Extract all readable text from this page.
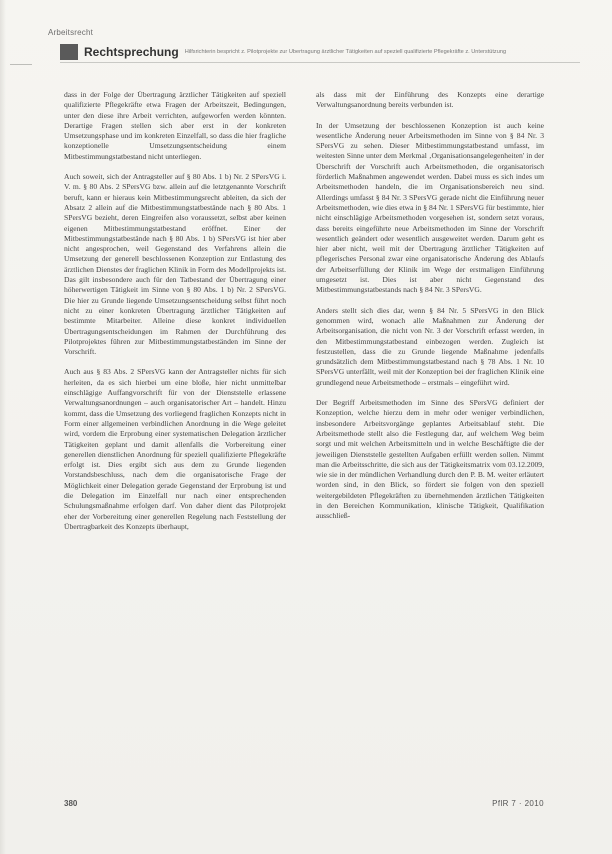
Arbeitsrecht
Rechtsprechung Hilfsrichterin bespricht z. Pilotprojekte zur Übertragung ärztlicher Tätigkeiten auf speziell qualifizierte Pflegekräfte z. Unterstützung

dass in der Folge der Übertragung ärztlicher Tätigkeiten auf speziell qualifizierte Pflegekräfte etwa Fragen der Arbeitszeit, Bedingungen, unter den diese ihre Arbeit verrichten, aufgeworfen werden könnten. Derartige Fragen stellen sich aber erst in der konkreten Umsetzungsphase und im konkreten Einzelfall, so dass die hier fragliche konzeptionelle Umsetzungsentscheidung einem Mitbestimmungstatbestand nicht unterliegen.

Auch soweit, sich der Antragsteller auf § 80 Abs. 1 b) Nr. 2 SPersVG i. V. m. § 80 Abs. 2 SPersVG bzw. allein auf die letztgenannte Vorschrift beruft, kann er hieraus kein Mitbestimmungsrecht ableiten, da sich der Absatz 2 allein auf die Mitbestimmungstatbestände nach § 80 Abs. 1 SPersVG bezieht, deren Eingreifen also voraussetzt, selbst aber keinen eigenen Mitbestimmungstatbestand eröffnet. Einer der Mitbestimmungstatbestände nach § 80 Abs. 1 b) SPersVG ist hier aber nicht angesprochen, weil Gegenstand des Verfahrens allein die Umsetzung der generell beschlossenen Konzeption zur Entlastung des ärztlichen Dienstes der fraglichen Klinik in Form des Modellprojekts ist. Das gilt insbesondere auch für den Tatbestand der Übertragung einer höherwertigen Tätigkeit im Sinne von § 80 Abs. 1 b) Nr. 2 SPersVG. Die hier zu Grunde liegende Umsetzungsentscheidung selbst führt noch nicht zu einer konkreten Übertragung ärztlicher Tätigkeiten auf bestimmte Mitarbeiter. Alleine diese konkret individuellen Übertragungsentscheidungen im Rahmen der Durchführung des Pilotprojektes führen zur Mitbestimmungstatbeständen im Sinne der Vorschrift.

Auch aus § 83 Abs. 2 SPersVG kann der Antragsteller nichts für sich herleiten, da es sich hierbei um eine bloße, hier nicht unmittelbar einschlägige Auffangvorschrift für von der Dienststelle erlassene Verwaltungsanordnungen – auch organisatorischer Art – handelt. Hinzu kommt, dass die Umsetzung des vorliegend fraglichen Konzepts nicht in Form einer allgemeinen verbindlichen Anordnung in die Wege geleitet wird, vordem die Erprobung einer systematischen Delegation ärztlicher Tätigkeiten geplant und damit allenfalls die Vorbereitung einer generellen dienstlichen Anordnung für speziell qualifizierte Pflegekräfte erfolgt ist. Dies ergibt sich aus dem zu Grunde liegenden Vorstandsbeschluss, nach dem die organisatorische Frage der Möglichkeit einer Delegation gerade Gegenstand der Erprobung ist und die Delegation im Einzelfall nur nach einer entsprechenden Schulungsmaßnahme erfolgen darf. Von daher dient das Pilotprojekt eher der Vorbereitung einer generellen Regelung nach Feststellung der Übertragbarkeit des Konzepts überhaupt,

als dass mit der Einführung des Konzepts eine derartige Verwaltungsanordnung bereits verbunden ist.

In der Umsetzung der beschlossenen Konzeption ist auch keine wesentliche Änderung neuer Arbeitsmethoden im Sinne von § 84 Nr. 3 SPersVG zu sehen. Dieser Mitbestimmungstatbestand umfasst, im weitesten Sinne unter dem Merkmal ‚Organisationsangelegenheiten' in der Überschrift der Vorschrift auch Arbeitsmethoden, die organisatorisch förderlich Maßnahmen angewendet werden. Dabei muss es sich indes um Arbeitsmethoden handeln, die im Organisationsbereich neu sind. Allerdings umfasst § 84 Nr. 3 SPersVG gerade nicht die Einführung neuer Arbeitsmethoden, wie dies etwa in § 84 Nr. 1 SPersVG für bestimmte, hier nicht einschlägige Arbeitsmethoden vorgesehen ist, sondern setzt voraus, dass bereits eingeführte neue Arbeitsmethoden im Sinne der Vorschrift wesentlich geändert oder wesentlich ausgeweitet werden. Darum geht es hier aber nicht, weil mit der Übertragung ärztlicher Tätigkeiten auf pflegerisches Personal zwar eine organisatorische Änderung des Ablaufs der Arbeitserfüllung der Klinik im Wege der erstmaligen Einführung umgesetzt ist. Dies ist aber nicht Gegenstand des Mitbestimmungstatbestands nach § 84 Nr. 3 SPersVG.

Anders stellt sich dies dar, wenn § 84 Nr. 5 SPersVG in den Blick genommen wird, wonach alle Maßnahmen zur Änderung der Arbeitsorganisation, die nicht von Nr. 3 der Vorschrift erfasst werden, in den Mitbestimmungstatbestand einbezogen werden. Zugleich ist festzustellen, dass die zu Grunde liegende Maßnahme jedenfalls grundsätzlich dem Mitbestimmungstatbestand nach § 78 Abs. 1 Nr. 10 SPersVG unterfällt, weil mit der Konzeption bei der fraglichen Klinik eine grundlegend neue Arbeitsmethode – erstmals – eingeführt wird.

Der Begriff Arbeitsmethoden im Sinne des SPersVG definiert der Konzeption, welche hierzu dem in mehr oder weniger verbindlichen, insbesondere Arbeitsvorgänge geplantes Arbeitsablauf steht. Die Arbeitsmethode stellt also die Festlegung dar, auf welchem Weg beim sorgt und mit welchen Arbeitsmitteln und in welche Beschäftigte die der jeweiligen Dienststelle gestellten Aufgaben erfüllt werden sollen. Nimmt man die Arbeitsschritte, die sich aus der Tätigkeitsmatrix vom 03.12.2009, wie sie in der mündlichen Verhandlung durch den P. B. M. weiter erläutert worden sind, in den Blick, so fördert sie folgen von den speziell weitergebildeten Pflegekräften zu übernehmenden ärztlichen Tätigkeiten in den Bereichen Kommunikation, klinische Tätigkeit, Qualifikation ausschließ-

380	PflR 7 · 2010
